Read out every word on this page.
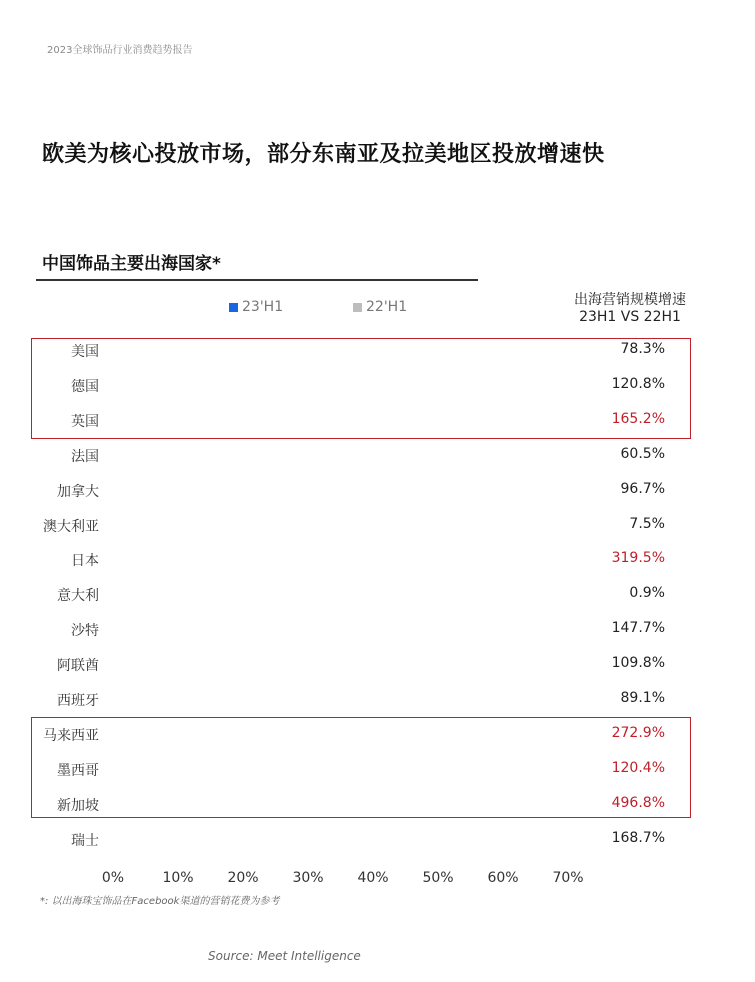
2023全球饰品行业消费趋势报告
欧美为核心投放市场，部分东南亚及拉美地区投放增速快
中国饰品主要出海国家*
23'H1	22'H1	出海营销规模增速
23H1 VS 22H1
美国	78.3%
德国	120.8%
英国	165.2%
法国	60.5%
加拿大	96.7%
澳大利亚	7.5%
日本	319.5%
意大利	0.9%
沙特	147.7%
阿联酋	109.8%
西班牙	89.1%
马来西亚	272.9%
墨西哥	120.4%
新加坡	496.8%
瑞士	168.7%
0%	10% 20% 30% 40% 50% 60% 70%
*: 以出海珠宝饰品在Facebook渠道的营销花费为参考
Source: Meet Intelligence
